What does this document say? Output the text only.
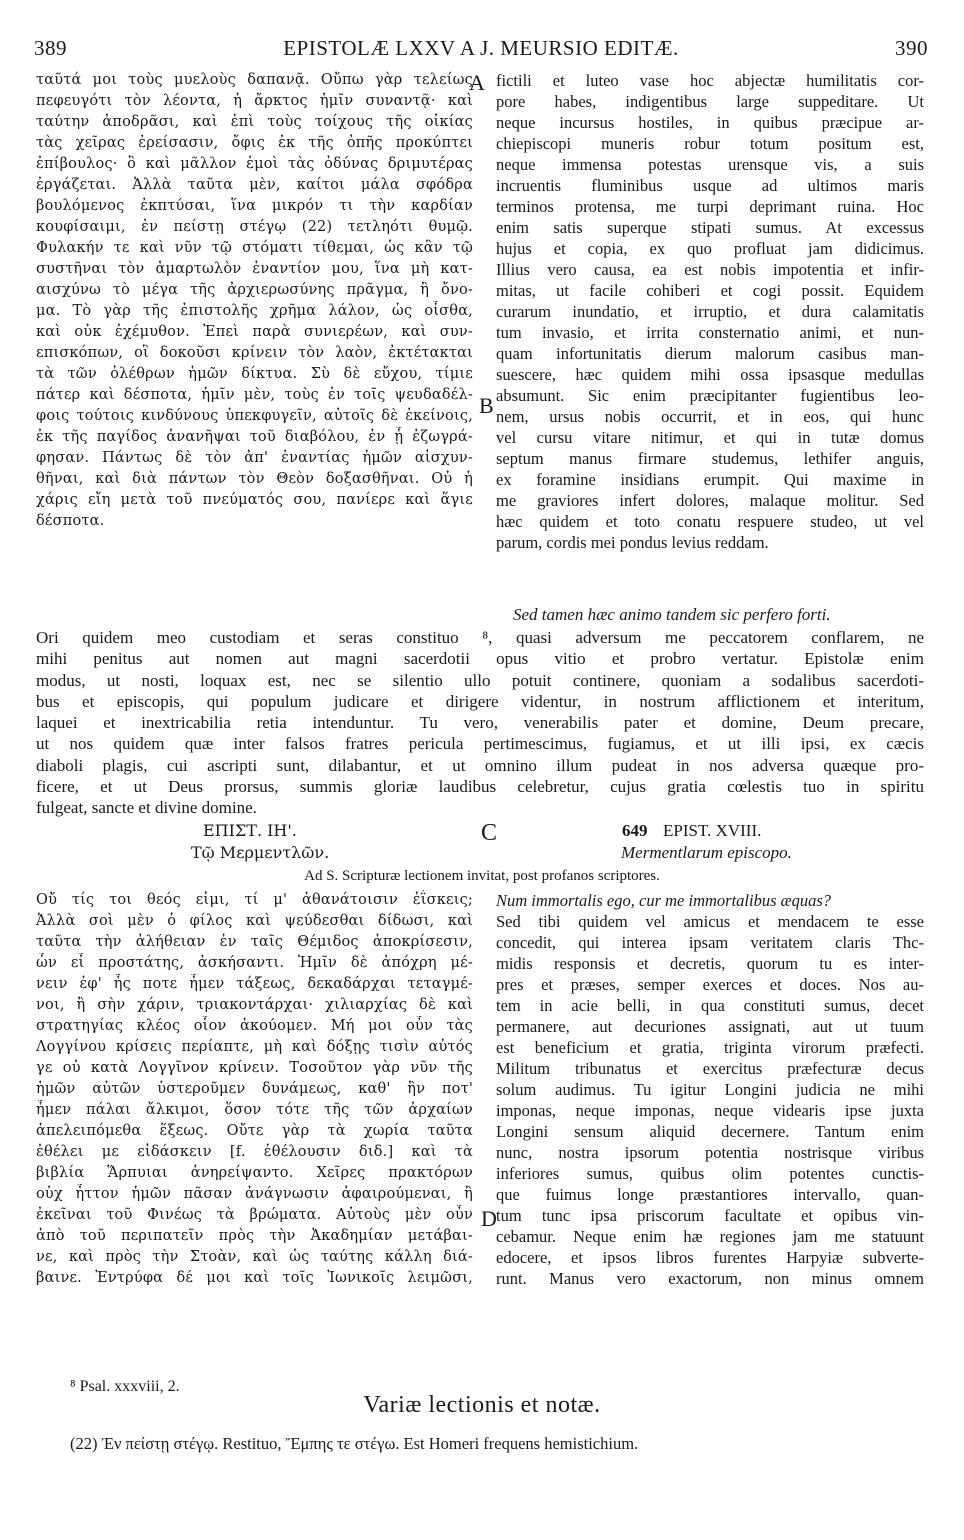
389	EPISTOLÆ LXXV A J. MEURSIO EDITÆ.	390
ταῦτά μοι τοὺς μυελοὺς δαπανᾷ. Οὔπω γὰρ τελείως
πεφευγότι τὸν λέοντα, ἡ ἄρκτος ἡμῖν συναντᾷ· καὶ
ταύτην ἀποδρᾶσι, καὶ ἐπὶ τοὺς τοίχους τῆς οἰκίας
τὰς χεῖρας ἐρείσασιν, ὄφις ἐκ τῆς ὀπῆς προκύπτει
ἐπίβουλος· ὃ καὶ μᾶλλον ἐμοὶ τὰς ὀδύνας δριμυτέρας
ἐργάζεται. Ἀλλὰ ταῦτα μὲν, καίτοι μάλα σφόδρα
βουλόμενος ἐκπτύσαι, ἵνα μικρόν τι τὴν καρδίαν
κουφίσαιμι, ἐν πείστῃ στέγῳ (22) τετληότι θυμῷ.
Φυλακήν τε καὶ νῦν τῷ στόματι τίθεμαι, ὡς κἂν τῷ
συστῆναι τὸν ἁμαρτωλὸν ἐναντίον μου, ἵνα μὴ κατ-
αισχύνω τὸ μέγα τῆς ἀρχιερωσύνης πρᾶγμα, ἢ ὄνο-
μα. Τὸ γὰρ τῆς ἐπιστολῆς χρῆμα λάλον, ὡς οἶσθα,
καὶ οὐκ ἐχέμυθον. Ἐπεὶ παρὰ συνιερέων, καὶ συν-
επισκόπων, οἳ δοκοῦσι κρίνειν τὸν λαὸν, ἐκτέτακται
τὰ τῶν ὀλέθρων ἡμῶν δίκτυα. Σὺ δὲ εὔχου, τίμιε
πάτερ καὶ δέσποτα, ἡμῖν μὲν, τοὺς ἐν τοῖς ψευδαδέλ-
φοις τούτοις κινδύνους ὑπεκφυγεῖν, αὐτοῖς δὲ ἐκείνοις,
ἐκ τῆς παγίδος ἀνανῆψαι τοῦ διαβόλου, ἐν ᾗ ἐζωγρά-
φησαν. Πάντως δὲ τὸν ἀπ' ἐναντίας ἡμῶν αἰσχυν-
θῆναι, καὶ διὰ πάντων τὸν Θεὸν δοξασθῆναι. Οὐ ἡ
χάρις εἴη μετὰ τοῦ πνεύματός σου, πανίερε καὶ ἅγιε
δέσποτα.
fictili et luteo vase hoc abjectæ humilitatis cor-
pore habes, indigentibus large suppeditare. Ut
neque incursus hostiles, in quibus præcipue ar-
chiepiscopi muneris robur totum positum est,
neque immensa potestas urensque vis, a suis
incruentis fluminibus usque ad ultimos maris
terminos protensa, me turpi deprimant ruina. Hoc
enim satis superque stipati sumus. At excessus
hujus et copia, ex quo profluat jam didicimus.
Illius vero causa, ea est nobis impotentia et infir-
mitas, ut facile cohiberi et cogi possit. Equidem
curarum inundatio, et irruptio, et dura calamitatis
tum invasio, et irrita consternatio animi, et nun-
quam infortunitatis dierum malorum casibus man-
suescere, hæc quidem mihi ossa ipsasque medullas
absumunt. Sic enim præcipitanter fugientibus leo-
nem, ursus nobis occurrit, et in eos, qui hunc
vel cursu vitare nitimur, et qui in tutæ domus
septum manus firmare studemus, lethifer anguis,
ex foramine insidians erumpit. Qui maxime in
me graviores infert dolores, malaque molitur. Sed
hæc quidem et toto conatu respuere studeo, ut vel
parum, cordis mei pondus levius reddam.
A
B
Sed tamen hæc animo tandem sic perfero forti.
Ori quidem meo custodiam et seras constituo ⁸, quasi adversum me peccatorem conflarem, ne
mihi penitus aut nomen aut magni sacerdotii opus vitio et probro vertatur. Epistolæ enim
modus, ut nosti, loquax est, nec se silentio ullo potuit continere, quoniam a sodalibus sacerdoti-
bus et episcopis, qui populum judicare et dirigere videntur, in nostrum afflictionem et interitum,
laquei et inextricabilia retia intenduntur. Tu vero, venerabilis pater et domine, Deum precare,
ut nos quidem quæ inter falsos fratres pericula pertimescimus, fugiamus, et ut illi ipsi, ex cæcis
diaboli plagis, cui ascripti sunt, dilabantur, et ut omnino illum pudeat in nos adversa quæque pro-
ficere, et ut Deus prorsus, summis gloriæ laudibus celebretur, cujus gratia cœlestis tuo in spiritu
fulgeat, sancte et divine domine.
ΕΠΙΣΤ. ΙΗ'.
Τῷ Μερμεντλῶν.
C	649 EPIST. XVIII.
Mermentlarum episcopo.
Ad S. Scripturæ lectionem invitat, post profanos scriptores.
Οὔ τίς τοι θεός εἰμι, τί μ' ἀθανάτοισιν ἐΐσκεις;
Ἀλλὰ σοὶ μὲν ὁ φίλος καὶ ψεύδεσθαι δίδωσι, καὶ
ταῦτα τὴν ἀλήθειαν ἐν ταῖς Θέμιδος ἀποκρίσεσιν,
ὧν εἶ προστάτης, ἀσκήσαντι. Ἡμῖν δὲ ἀπόχρη μέ-
νειν ἐφ' ἧς ποτε ἦμεν τάξεως, δεκαδάρχαι τεταγμέ-
νοι, ἢ σὴν χάριν, τριακοντάρχαι· χιλιαρχίας δὲ καὶ
στρατηγίας κλέος οἷον ἀκούομεν. Μή μοι οὖν τὰς
Λογγίνου κρίσεις περίαπτε, μὴ καὶ δόξῃς τισὶν αὐτός
γε οὐ κατὰ Λογγῖνον κρίνειν. Τοσοῦτον γὰρ νῦν τῆς
ἡμῶν αὐτῶν ὑστεροῦμεν δυνάμεως, καθ' ἣν ποτ'
ἦμεν πάλαι ἄλκιμοι, ὅσον τότε τῆς τῶν ἀρχαίων
ἀπελειπόμεθα ἕξεως. Οὔτε γὰρ τὰ χωρία ταῦτα
ἐθέλει με εἰδάσκειν [f. ἐθέλουσιν διδ.] καὶ τὰ
βιβλία Ἅρπυιαι ἀνηρείψαντο. Χεῖρες πρακτόρων
οὐχ ἧττον ἡμῶν πᾶσαν ἀνάγνωσιν ἀφαιρούμεναι, ἢ
ἐκεῖναι τοῦ Φινέως τὰ βρώματα. Αὐτοὺς μὲν οὖν
ἀπὸ τοῦ περιπατεῖν πρὸς τὴν Ἀκαδημίαν μετάβαι-
νε, καὶ πρὸς τὴν Στοὰν, καὶ ὡς ταύτης κάλλη διά-
βαινε. Ἐντρύφα δέ μοι καὶ τοῖς Ἰωνικοῖς λειμῶσι,
Num immortalis ego, cur me immortalibus æquas?
Sed tibi quidem vel amicus et mendacem te esse
concedit, qui interea ipsam veritatem claris Thc-
midis responsis et decretis, quorum tu es inter-
pres et præses, semper exerces et doces. Nos au-
tem in acie belli, in qua constituti sumus, decet
permanere, aut decuriones assignati, aut ut tuum
est beneficium et gratia, triginta virorum præfecti.
Militum tribunatus et exercitus præfecturæ decus
solum audimus. Tu igitur Longini judicia ne mihi
imponas, neque imponas, neque videaris ipse juxta
Longini sensum aliquid decernere. Tantum enim
nunc, nostra ipsorum potentia nostrisque viribus
inferiores sumus, quibus olim potentes cunctis-
que fuimus longe præstantiores intervallo, quan-
tum tunc ipsa priscorum facultate et opibus vin-
cebamur. Neque enim hæ regiones jam me statuunt
edocere, et ipsos libros furentes Harpyiæ subverte-
runt. Manus vero exactorum, non minus omnem
D
⁸ Psal. xxxviii, 2.
Variæ lectionis et notæ.
(22) Ἐν πείστῃ στέγῳ. Restituo, Ἔμπης τε στέγω. Est Homeri frequens hemistichium.
